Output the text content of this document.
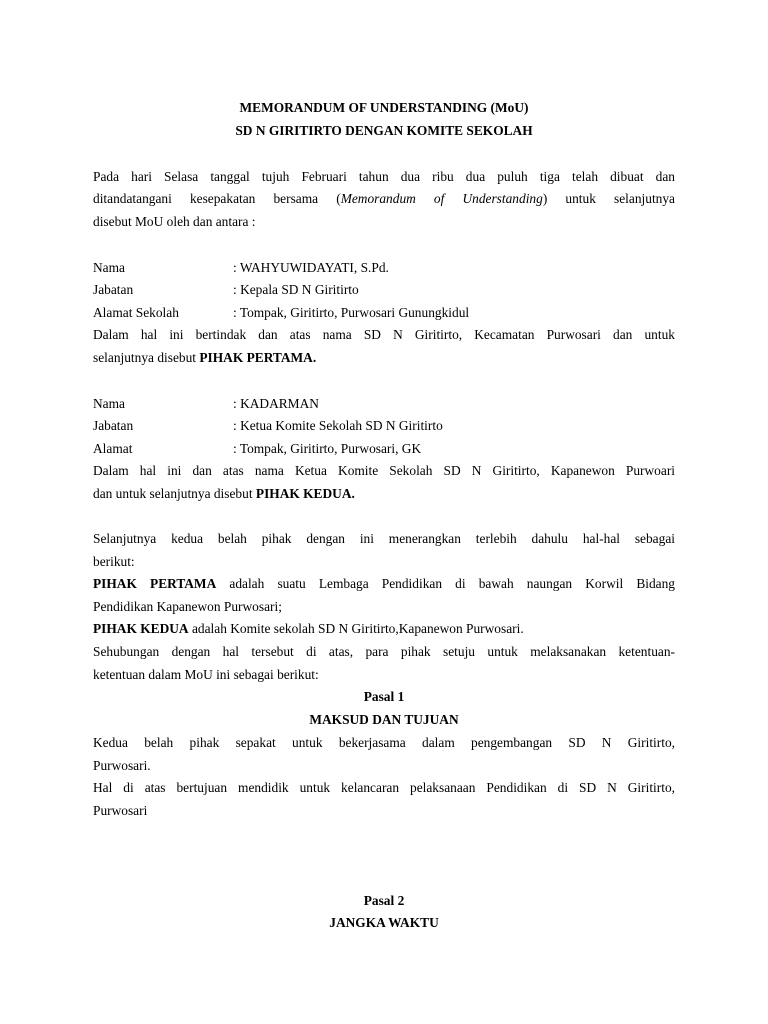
MEMORANDUM OF UNDERSTANDING (MoU)
SD N GIRITIRTO DENGAN KOMITE SEKOLAH
Pada hari Selasa tanggal tujuh Februari tahun dua ribu dua puluh tiga telah dibuat dan
ditandatangani kesepakatan bersama (Memorandum of Understanding) untuk selanjutnya
disebut MoU oleh dan antara :
Nama	: WAHYUWIDAYATI, S.Pd.
Jabatan	: Kepala SD N Giritirto
Alamat Sekolah	: Tompak, Giritirto, Purwosari Gunungkidul
Dalam hal ini bertindak dan atas nama SD N Giritirto, Kecamatan Purwosari dan untuk
selanjutnya disebut PIHAK PERTAMA.
Nama	: KADARMAN
Jabatan	: Ketua Komite Sekolah SD N Giritirto
Alamat	: Tompak, Giritirto, Purwosari, GK
Dalam hal ini dan atas nama Ketua Komite Sekolah SD N Giritirto, Kapanewon Purwoari
dan untuk selanjutnya disebut PIHAK KEDUA.
Selanjutnya kedua belah pihak dengan ini menerangkan terlebih dahulu hal-hal sebagai
berikut:
PIHAK PERTAMA adalah suatu Lembaga Pendidikan di bawah naungan Korwil Bidang
Pendidikan Kapanewon Purwosari;
PIHAK KEDUA adalah Komite sekolah SD N Giritirto,Kapanewon Purwosari.
Sehubungan dengan hal tersebut di atas, para pihak setuju untuk melaksanakan ketentuan-
ketentuan dalam MoU ini sebagai berikut:
Pasal 1
MAKSUD DAN TUJUAN
Kedua belah pihak sepakat untuk bekerjasama dalam pengembangan SD N Giritirto,
Purwosari.
Hal di atas bertujuan mendidik untuk kelancaran pelaksanaan Pendidikan di SD N Giritirto,
Purwosari
Pasal 2
JANGKA WAKTU
